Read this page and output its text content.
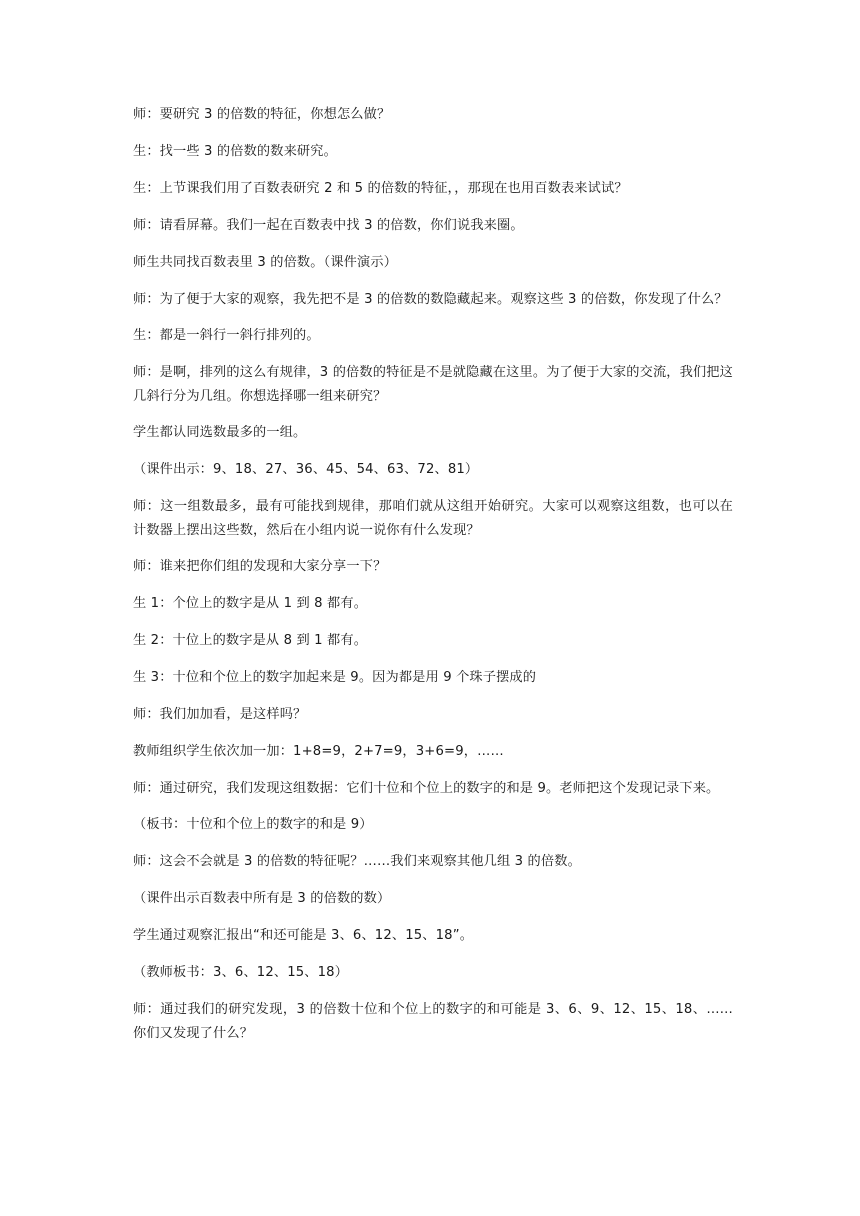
师：要研究 3 的倍数的特征，你想怎么做？

生：找一些 3 的倍数的数来研究。

生：上节课我们用了百数表研究 2 和 5 的倍数的特征，，那现在也用百数表来试试？

师：请看屏幕。我们一起在百数表中找 3 的倍数，你们说我来圈。

师生共同找百数表里 3 的倍数。（课件演示）

师：为了便于大家的观察，我先把不是 3 的倍数的数隐藏起来。观察这些 3 的倍数，你发现了什么？

生：都是一斜行一斜行排列的。

师：是啊，排列的这么有规律，3 的倍数的特征是不是就隐藏在这里。为了便于大家的交流，我们把这几斜行分为几组。你想选择哪一组来研究？

学生都认同选数最多的一组。

（课件出示：9、18、27、36、45、54、63、72、81）

师：这一组数最多，最有可能找到规律，那咱们就从这组开始研究。大家可以观察这组数，也可以在计数器上摆出这些数，然后在小组内说一说你有什么发现？

师：谁来把你们组的发现和大家分享一下？

生 1：个位上的数字是从 1 到 8 都有。

生 2：十位上的数字是从 8 到 1 都有。

生 3：十位和个位上的数字加起来是 9。因为都是用 9 个珠子摆成的

师：我们加加看，是这样吗？

教师组织学生依次加一加：1+8=9，2+7=9，3+6=9，……

师：通过研究，我们发现这组数据：它们十位和个位上的数字的和是 9。老师把这个发现记录下来。

（板书：十位和个位上的数字的和是 9）

师：这会不会就是 3 的倍数的特征呢？……我们来观察其他几组 3 的倍数。

（课件出示百数表中所有是 3 的倍数的数）

学生通过观察汇报出“和还可能是 3、6、12、15、18”。

（教师板书：3、6、12、15、18）

师：通过我们的研究发现，3 的倍数十位和个位上的数字的和可能是 3、6、9、12、15、18、……你们又发现了什么？
